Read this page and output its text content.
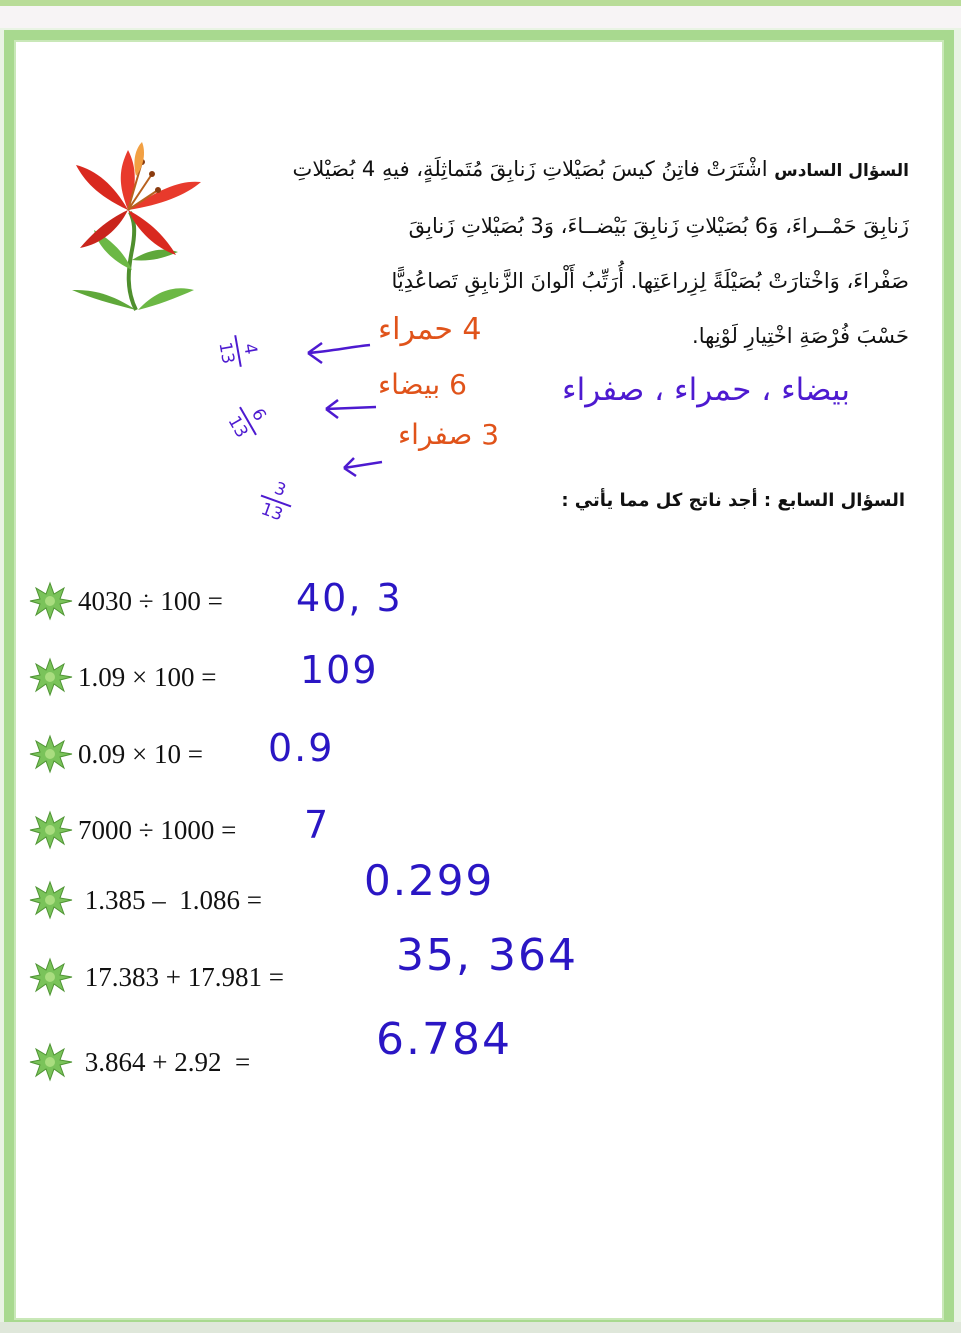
السؤال السادس اشْتَرَتْ فاتِنُ كيسَ بُصَيْلاتِ زَنابِقَ مُتَماثِلَةٍ، فيهِ 4 بُصَيْلاتِ

زَنابِقَ حَمْــراءَ، وَ6 بُصَيْلاتِ زَنابِقَ بَيْضــاءَ، وَ3 بُصَيْلاتِ زَنابِقَ

صَفْراءَ، وَاخْتارَتْ بُصَيْلَةً لِزِراعَتِها. أُرَتِّبُ أَلْوانَ الزَّنابِقِ تَصاعُدِيًّا

حَسْبَ فُرْصَةِ اخْتِيارِ لَوْنِها.

4 حمراء
6 بيضاء
3 صفراء
بيضاء ، حمراء ، صفراء
4
13
6
13
3
13	السؤال السابع : أجد ناتج كل مما يأتي :
4030 ÷ 100 = 40, 3
1.09 × 100 = 109
0.09 × 10 = 0.9
7000 ÷ 1000 = 7
1.385 –  1.086 = 0.299
17.383 + 17.981 =	35, 364
3.864 + 2.92  =	6.784
